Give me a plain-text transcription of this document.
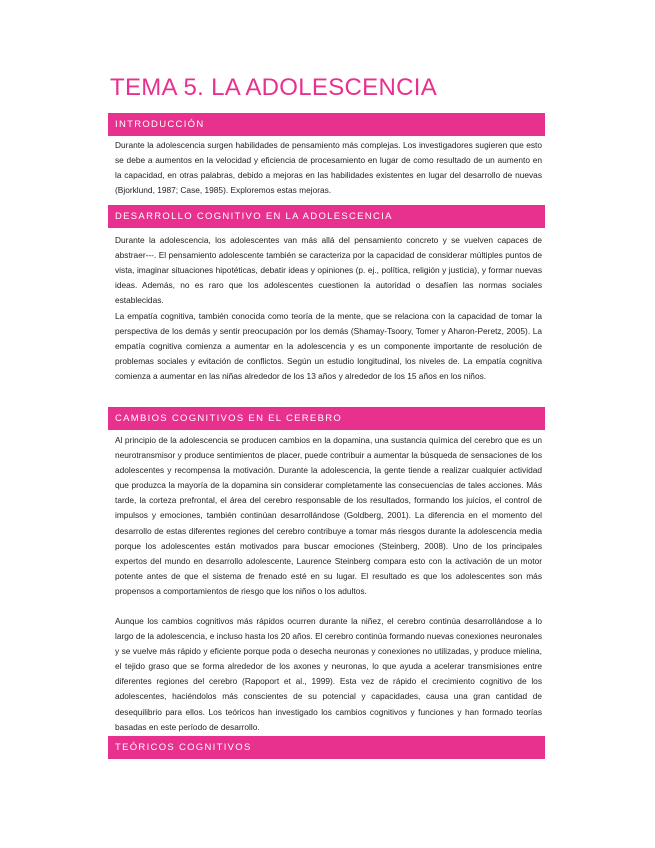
TEMA 5. LA ADOLESCENCIA
INTRODUCCIÓN

Durante la adolescencia surgen habilidades de pensamiento más complejas. Los investigadores sugieren que esto se debe a aumentos en la velocidad y eficiencia de procesamiento en lugar de como resultado de un aumento en la capacidad, en otras palabras, debido a mejoras en las habilidades existentes en lugar del desarrollo de nuevas (Bjorklund, 1987; Case, 1985). Exploremos estas mejoras.

DESARROLLO COGNITIVO EN LA ADOLESCENCIA

Durante la adolescencia, los adolescentes van más allá del pensamiento concreto y se vuelven capaces de abstraer---. El pensamiento adolescente también se caracteriza por la capacidad de considerar múltiples puntos de vista, imaginar situaciones hipotéticas, debatir ideas y opiniones (p. ej., política, religión y justicia), y formar nuevas ideas. Además, no es raro que los adolescentes cuestionen la autoridad o desafíen las normas sociales establecidas.

La empatía cognitiva, también conocida como teoría de la mente, que se relaciona con la capacidad de tomar la perspectiva de los demás y sentir preocupación por los demás (Shamay-Tsoory, Tomer y Aharon-Peretz, 2005). La empatía cognitiva comienza a aumentar en la adolescencia y es un componente importante de resolución de problemas sociales y evitación de conflictos. Según un estudio longitudinal, los niveles de. La empatía cognitiva comienza a aumentar en las niñas alrededor de los 13 años y alrededor de los 15 años en los niños.

CAMBIOS COGNITIVOS EN EL CEREBRO

Al principio de la adolescencia se producen cambios en la dopamina, una sustancia química del cerebro que es un neurotransmisor y produce sentimientos de placer, puede contribuir a aumentar la búsqueda de sensaciones de los adolescentes y recompensa la motivación. Durante la adolescencia, la gente tiende a realizar cualquier actividad que produzca la mayoría de la dopamina sin considerar completamente las consecuencias de tales acciones. Más tarde, la corteza prefrontal, el área del cerebro responsable de los resultados, formando los juicios, el control de impulsos y emociones, también continúan desarrollándose (Goldberg, 2001). La diferencia en el momento del desarrollo de estas diferentes regiones del cerebro contribuye a tomar más riesgos durante la adolescencia media porque los adolescentes están motivados para buscar emociones (Steinberg, 2008). Uno de los principales expertos del mundo en desarrollo adolescente, Laurence Steinberg compara esto con la activación de un motor potente antes de que el sistema de frenado esté en su lugar. El resultado es que los adolescentes son más propensos a comportamientos de riesgo que los niños o los adultos.

Aunque los cambios cognitivos más rápidos ocurren durante la niñez, el cerebro continúa desarrollándose a lo largo de la adolescencia, e incluso hasta los 20 años. El cerebro continúa formando nuevas conexiones neuronales y se vuelve más rápido y eficiente porque poda o desecha neuronas y conexiones no utilizadas, y produce mielina, el tejido graso que se forma alrededor de los axones y neuronas, lo que ayuda a acelerar transmisiones entre diferentes regiones del cerebro (Rapoport et al., 1999). Esta vez de rápido el crecimiento cognitivo de los adolescentes, haciéndolos más conscientes de su potencial y capacidades, causa una gran cantidad de desequilibrio para ellos. Los teóricos han investigado los cambios cognitivos y funciones y han formado teorías basadas en este período de desarrollo.

TEÓRICOS COGNITIVOS
